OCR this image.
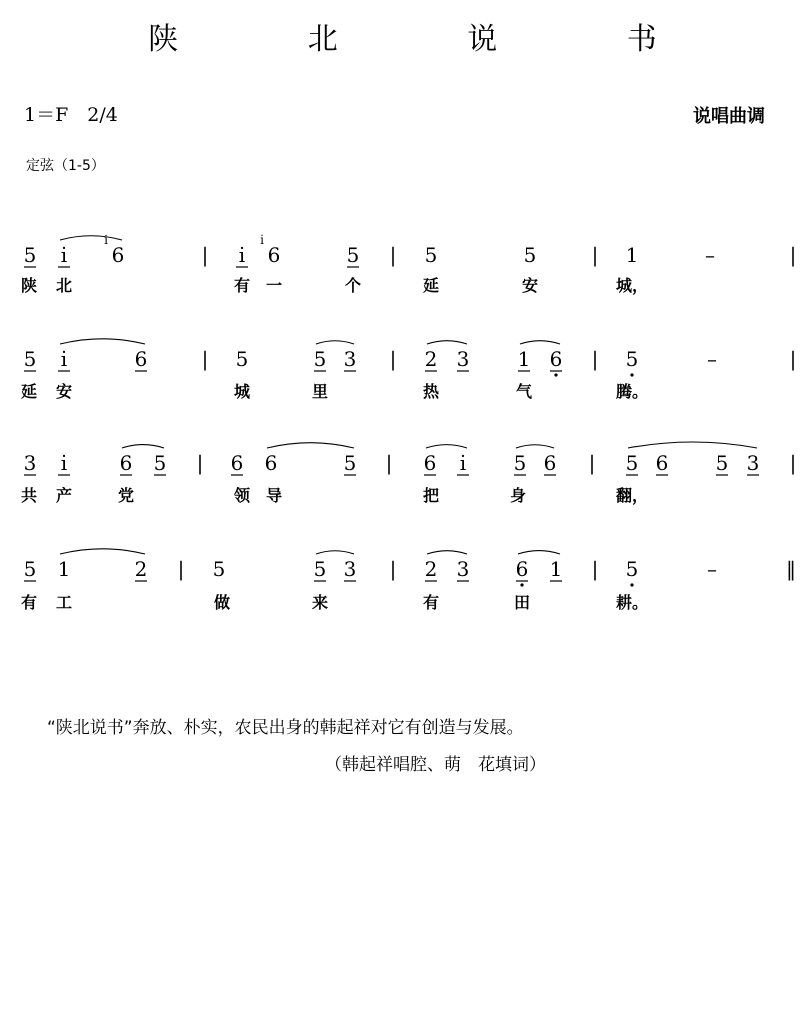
陕 北 说 书
1＝F　2/4	说唱曲调
定弦（1-5）
5 i̇ 6
i̇
| i̇
i̇
6	5 | 5	5	| 1	–	|
陕 北	有 一	个	延	安	城，
5 i̇	6	| 5	5 3 | 2 3 1 6 | 5	–	|
延 安	城	里	热	气	腾。
3 i̇	6 5 | 6 6	5 | 6 i̇ 5 6 | 5 6 5 3 |
共 产	党	领 导	把	身	翻，
5 1	2 | 5	5 3 | 2 3 6 1 | 5	–	‖
有 工	做	来	有	田	耕。
“陕北说书”奔放、朴实，农民出身的韩起祥对它有创造与发展。
（韩起祥唱腔、萌　花填词）
